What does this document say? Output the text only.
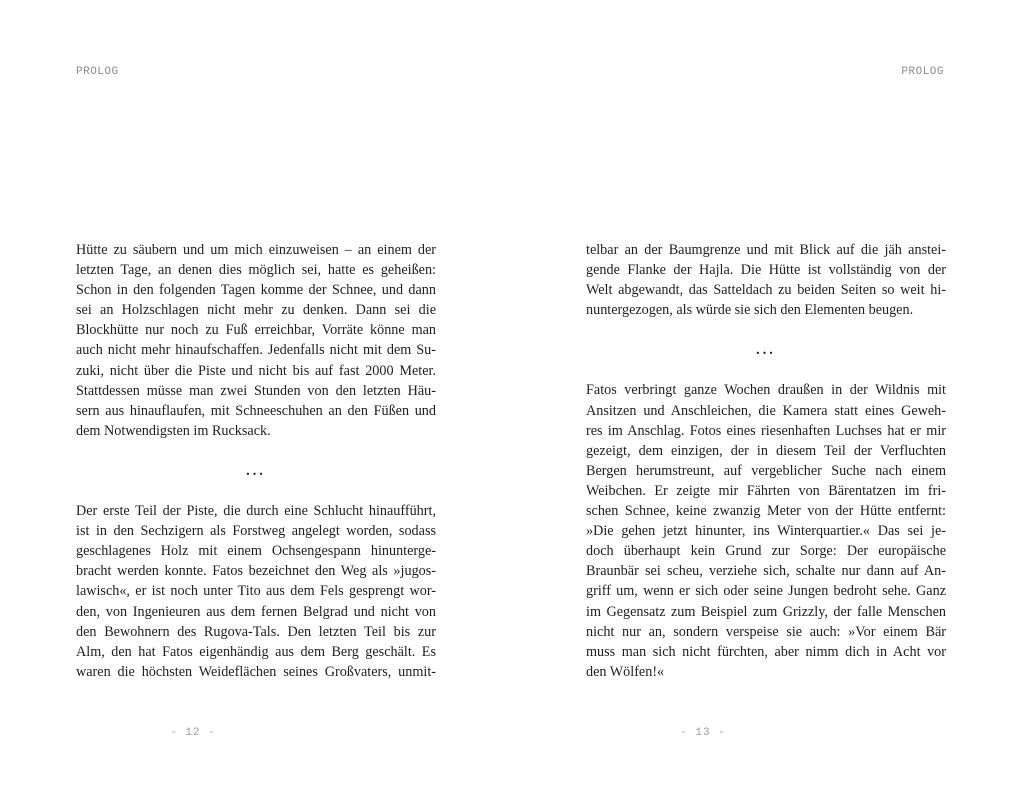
PROLOG
Hütte zu säubern und um mich einzuweisen – an einem der
letzten Tage, an denen dies möglich sei, hatte es geheißen:
Schon in den folgenden Tagen komme der Schnee, und dann
sei an Holzschlagen nicht mehr zu denken. Dann sei die
Blockhütte nur noch zu Fuß erreichbar, Vorräte könne man
auch nicht mehr hinaufschaffen. Jedenfalls nicht mit dem Su-
zuki, nicht über die Piste und nicht bis auf fast 2000 Meter.
Stattdessen müsse man zwei Stunden von den letzten Häu-
sern aus hinauflaufen, mit Schneeschuhen an den Füßen und
dem Notwendigsten im Rucksack.
...
Der erste Teil der Piste, die durch eine Schlucht hinaufführt,
ist in den Sechzigern als Forstweg angelegt worden, sodass
geschlagenes Holz mit einem Ochsengespann hinunterge-
bracht werden konnte. Fatos bezeichnet den Weg als »jugos-
lawisch«, er ist noch unter Tito aus dem Fels gesprengt wor-
den, von Ingenieuren aus dem fernen Belgrad und nicht von
den Bewohnern des Rugova-Tals. Den letzten Teil bis zur
Alm, den hat Fatos eigenhändig aus dem Berg geschält. Es
waren die höchsten Weideflächen seines Großvaters, unmit-
- 12 -
PROLOG
telbar an der Baumgrenze und mit Blick auf die jäh anstei-
gende Flanke der Hajla. Die Hütte ist vollständig von der
Welt abgewandt, das Satteldach zu beiden Seiten so weit hi-
nuntergezogen, als würde sie sich den Elementen beugen.
...
Fatos verbringt ganze Wochen draußen in der Wildnis mit
Ansitzen und Anschleichen, die Kamera statt eines Geweh-
res im Anschlag. Fotos eines riesenhaften Luchses hat er mir
gezeigt, dem einzigen, der in diesem Teil der Verfluchten
Bergen herumstreunt, auf vergeblicher Suche nach einem
Weibchen. Er zeigte mir Fährten von Bärentatzen im fri-
schen Schnee, keine zwanzig Meter von der Hütte entfernt:
»Die gehen jetzt hinunter, ins Winterquartier.« Das sei je-
doch überhaupt kein Grund zur Sorge: Der europäische
Braunbär sei scheu, verziehe sich, schalte nur dann auf An-
griff um, wenn er sich oder seine Jungen bedroht sehe. Ganz
im Gegensatz zum Beispiel zum Grizzly, der falle Menschen
nicht nur an, sondern verspeise sie auch: »Vor einem Bär
muss man sich nicht fürchten, aber nimm dich in Acht vor
den Wölfen!«
- 13 -
